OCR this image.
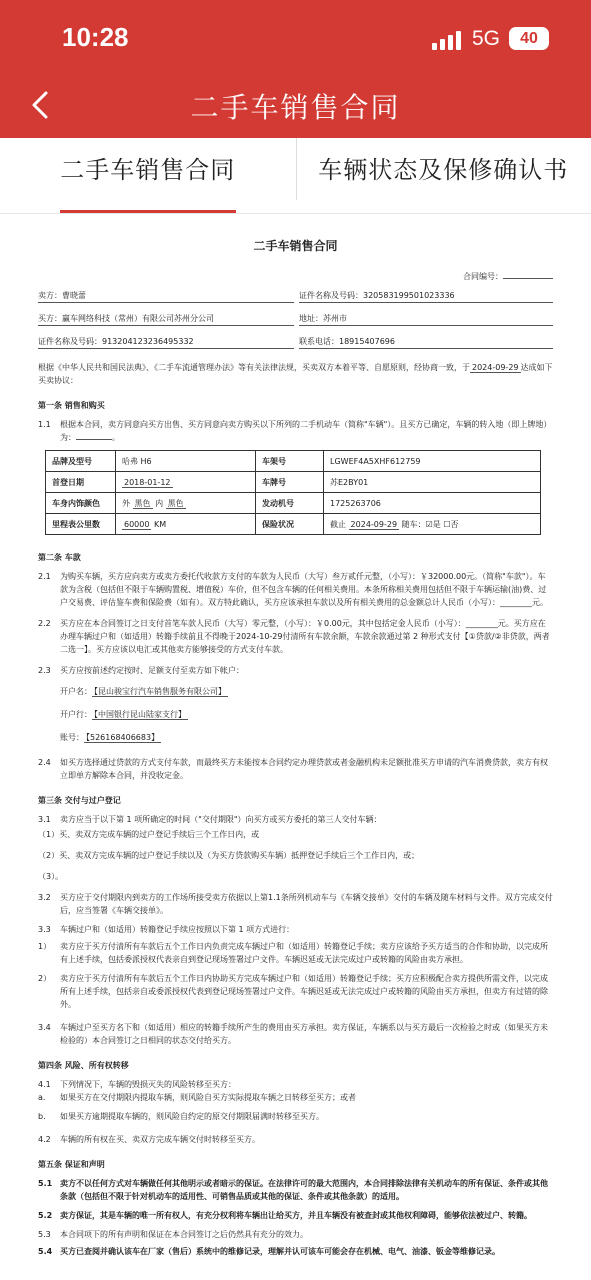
10:28	5G	40
二手车销售合同
二手车销售合同	车辆状态及保修确认书
二手车销售合同
合同编号：
卖方：曹晓蕾	证件名称及号码：320583199501023336
买方：赢车网络科技（常州）有限公司苏州分公司	地址：苏州市
证件名称及号码：913204123236495332	联系电话：18915407696
根据《中华人民共和国民法典》、《二手车流通管理办法》等有关法律法规，买卖双方本着平等、自愿原则，经协商一致，于 2024-09-29 达成如下买卖协议：
第一条 销售和购买
1.1	根据本合同，卖方同意向买方出售、买方同意向卖方购买以下所列的二手机动车（简称"车辆"）。且买方已确定，车辆的转入地（即上牌地）为：	。
品牌及型号	哈弗 H6	车架号	LGWEF4A5XHF612759
首登日期	2018-01-12	车牌号	苏E2BY01
车身内饰颜色	外 黑色 内 黑色	发动机号	1725263706
里程表公里数	60000 KM	保险状况	截止 2024-09-29 随车：☑是 ☐否
第二条 车款
2.1	为购买车辆，买方应向卖方或卖方委托代收款方支付的车款为人民币（大写）叁万贰仟元整，（小写）：￥32000.00元。（简称"车款"）。车款为含税（包括但不限于车辆购置税、增值税）车价，但不包含车辆的任何相关费用。本条所称相关费用包括但不限于车辆运输(油)费、过户交易费、评估鉴车费和保险费（如有）。双方特此确认，买方应该承担车款以及所有相关费用的总金额总计人民币（小写）：________元。
2.2	买方应在本合同签订之日支付首笔车款人民币（大写）零元整，（小写）：￥0.00元，其中包括定金人民币（小写）：________元。买方应在办理车辆过户和（如适用）转籍手续前且不得晚于2024-10-29付清所有车款余额，车款余款通过第 2 种形式支付【①贷款/②非贷款，两者二选一】。买方应该以电汇或其他卖方能够接受的方式支付车款。
2.3	买方应按前述约定按时、足额支付至卖方如下帐户：
开户名： 【昆山骏宝行汽车销售服务有限公司】
开户行： 【中国银行昆山陆家支行】
账号： 【526168406683】
2.4	如买方选择通过贷款的方式支付车款，而最终买方未能按本合同约定办理贷款或者金融机构未足额批准买方申请的汽车消费贷款，卖方有权立即单方解除本合同，并没收定金。
第三条 交付与过户登记
3.1	卖方应当于以下第 1 项所确定的时间（"交付期限"）向买方或买方委托的第三人交付车辆：
（1）买、卖双方完成车辆的过户登记手续后三个工作日内，或
（2）买、卖双方完成车辆的过户登记手续以及（为买方贷款购买车辆）抵押登记手续后三个工作日内，或；
（3）。
3.2	买方应于交付期限内到卖方的工作场所接受卖方依据以上第1.1条所列机动车与《车辆交接单》交付的车辆及随车材料与文件。双方完成交付后，应当签署《车辆交接单》。
3.3	车辆过户和（如适用）转籍登记手续应按照以下第 1 项方式进行：
1）	卖方应于买方付清所有车款后五个工作日内负责完成车辆过户和（如适用）转籍登记手续；卖方应该给予买方适当的合作和协助，以完成所有上述手续，包括委派授权代表亲自到登记现场签署过户文件。车辆迟延或无法完成过户或转籍的风险由卖方承担。
2）	卖方应于买方付清所有车款后五个工作日内协助买方完成车辆过户和（如适用）转籍登记手续；买方应积极配合卖方提供所需文件，以完成所有上述手续，包括亲自或委派授权代表到登记现场签署过户文件。车辆迟延或无法完成过户或转籍的风险由买方承担，但卖方有过错的除外。
3.4	车辆过户至买方名下和（如适用）相应的转籍手续所产生的费用由买方承担。卖方保证，车辆系以与买方最后一次检验之时或（如果买方未检验的）本合同签订之日相同的状态交付给买方。
第四条 风险、所有权转移
4.1	下列情况下，车辆的毁损灭失的风险转移至买方：
a.	如果买方在交付期限内提取车辆，则风险自买方实际提取车辆之日转移至买方；或者
b.	如果买方逾期提取车辆的，则风险自约定的原交付期限届满时转移至买方。
4.2	车辆的所有权在买、卖双方完成车辆交付时转移至买方。
第五条 保证和声明
5.1 卖方不以任何方式对车辆做任何其他明示或者暗示的保证。在法律许可的最大范围内，本合同排除法律有关机动车的所有保证、条件或其他条款（包括但不限于针对机动车的适用性、可销售品质或其他的保证、条件或其他条款）的适用。
5.2 卖方保证，其是车辆的唯一所有权人，有充分权利将车辆出让给买方，并且车辆没有被查封或其他权利障碍，能够依法被过户、转籍。
5.3	本合同项下的所有声明和保证在本合同签订之后仍然具有充分的效力。
5.4 买方已查阅并确认该车在厂家（售后）系统中的维修记录，理解并认可该车可能会存在机械、电气、油漆、钣金等维修记录。
